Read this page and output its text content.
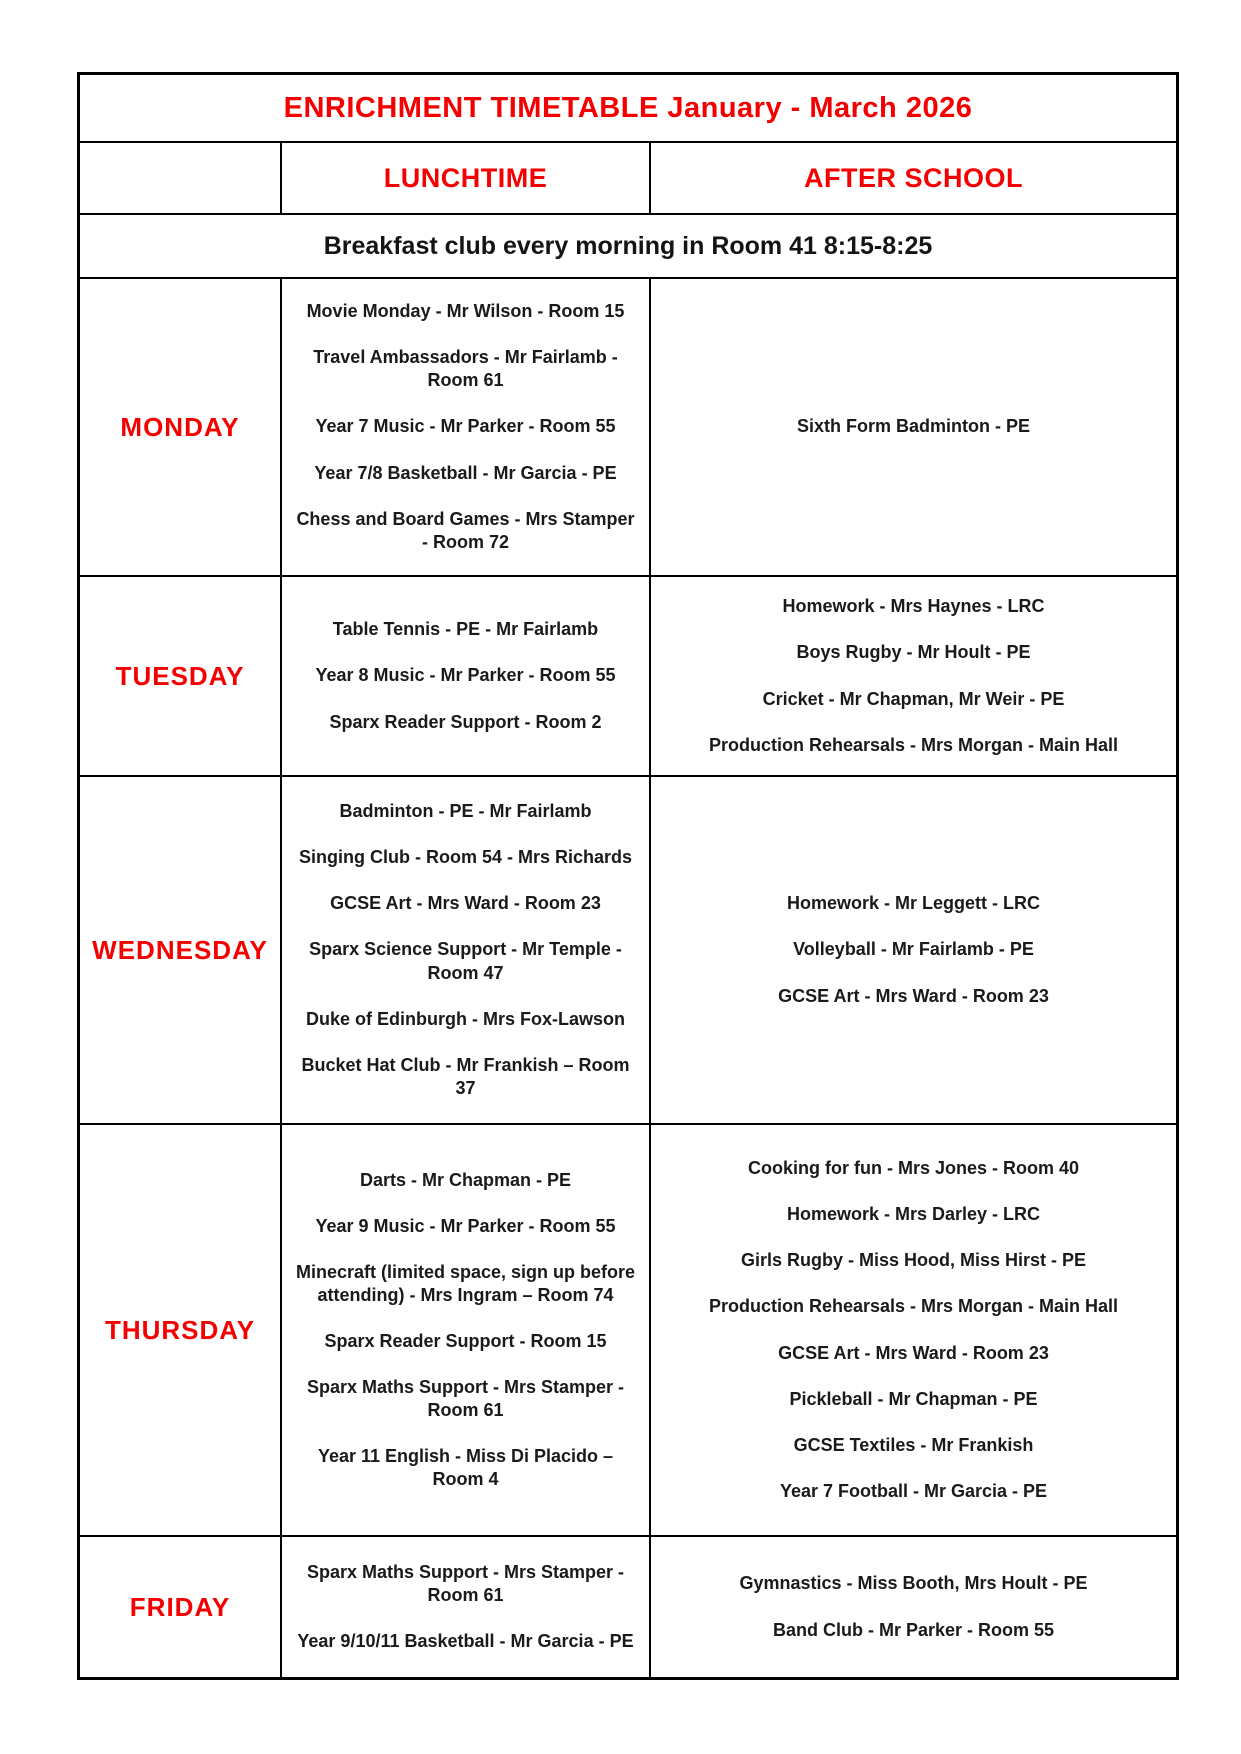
ENRICHMENT TIMETABLE January - March 2026
LUNCHTIME	AFTER SCHOOL
Breakfast club every morning in Room 41 8:15-8:25
MONDAY
Movie Monday - Mr Wilson - Room 15
Travel Ambassadors - Mr Fairlamb - Room 61
Year 7 Music - Mr Parker - Room 55
Year 7/8 Basketball - Mr Garcia - PE
Chess and Board Games - Mrs Stamper - Room 72
Sixth Form Badminton - PE
TUESDAY
Table Tennis - PE - Mr Fairlamb
Year 8 Music - Mr Parker - Room 55
Sparx Reader Support - Room 2
Homework - Mrs Haynes - LRC
Boys Rugby - Mr Hoult - PE
Cricket - Mr Chapman, Mr Weir - PE
Production Rehearsals - Mrs Morgan - Main Hall
WEDNESDAY
Badminton - PE - Mr Fairlamb
Singing Club - Room 54 - Mrs Richards
GCSE Art - Mrs Ward - Room 23
Sparx Science Support - Mr Temple - Room 47
Duke of Edinburgh - Mrs Fox-Lawson
Bucket Hat Club - Mr Frankish – Room 37
Homework - Mr Leggett - LRC
Volleyball - Mr Fairlamb - PE
GCSE Art - Mrs Ward - Room 23
THURSDAY
Darts - Mr Chapman - PE
Year 9 Music - Mr Parker - Room 55
Minecraft (limited space, sign up before attending) - Mrs Ingram – Room 74
Sparx Reader Support - Room 15
Sparx Maths Support - Mrs Stamper - Room 61
Year 11 English - Miss Di Placido – Room 4
Cooking for fun - Mrs Jones - Room 40
Homework - Mrs Darley - LRC
Girls Rugby - Miss Hood, Miss Hirst - PE
Production Rehearsals - Mrs Morgan - Main Hall
GCSE Art - Mrs Ward - Room 23
Pickleball - Mr Chapman - PE
GCSE Textiles - Mr Frankish
Year 7 Football - Mr Garcia - PE
FRIDAY
Sparx Maths Support - Mrs Stamper - Room 61
Year 9/10/11 Basketball - Mr Garcia - PE
Gymnastics - Miss Booth, Mrs Hoult - PE
Band Club - Mr Parker - Room 55
